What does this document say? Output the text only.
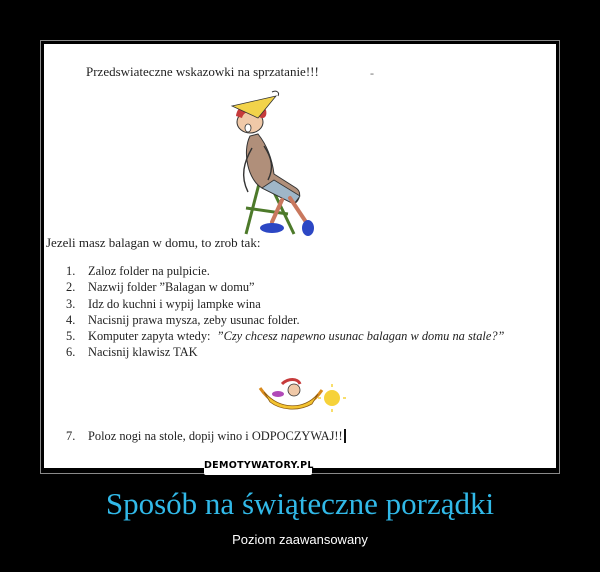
Przedswiateczne wskazowki na sprzatanie!!!	-
Jezeli masz balagan w domu, to zrob tak:
1.	Zaloz folder na pulpicie.
2.	Nazwij folder ”Balagan w domu”
3.	Idz do kuchni i wypij lampke wina
4.	Nacisnij prawa mysza, zeby usunac folder.
5.	Komputer zapyta wtedy: ”Czy chcesz napewno usunac balagan w domu na stale?”
6.	Nacisnij klawisz TAK
7.	Poloz nogi na stole, dopij wino i ODPOCZYWAJ!!
DEMOTYWATORY.PL
Sposób na świąteczne porządki
Poziom zaawansowany
